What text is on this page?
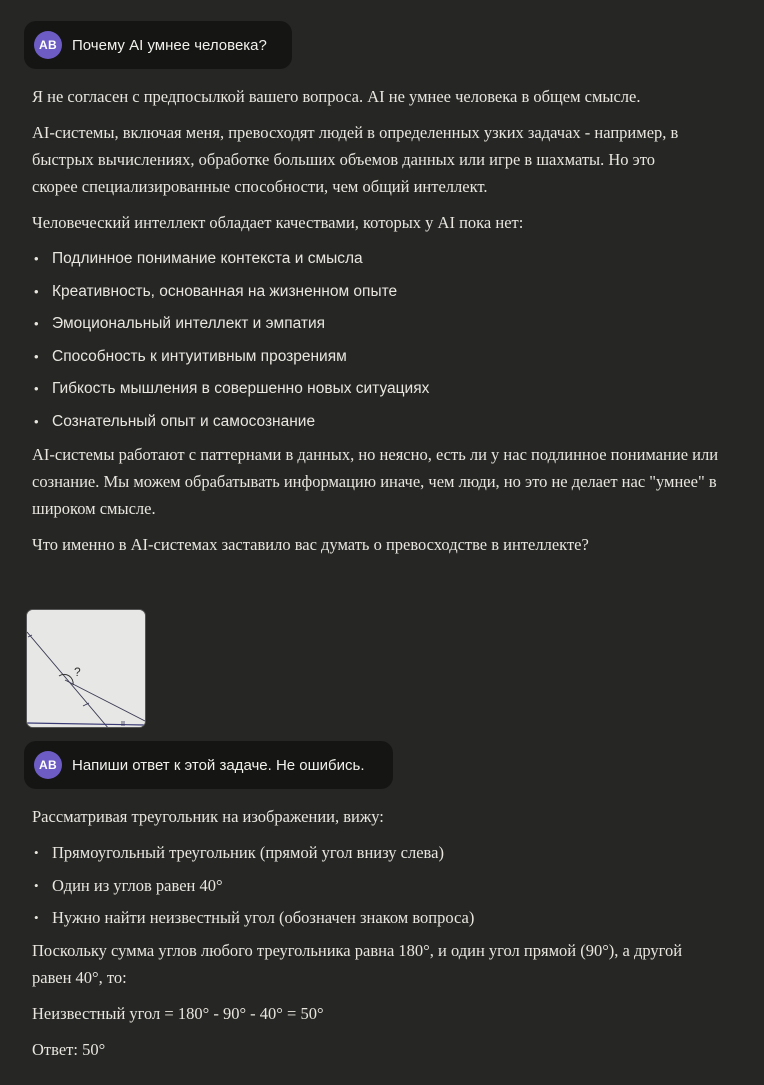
AB	Почему AI умнее человека?

Я не согласен с предпосылкой вашего вопроса. AI не умнее человека в общем смысле.

AI-системы, включая меня, превосходят людей в определенных узких задачах - например, в быстрых вычислениях, обработке больших объемов данных или игре в шахматы. Но это скорее специализированные способности, чем общий интеллект.

Человеческий интеллект обладает качествами, которых у AI пока нет:

• Подлинное понимание контекста и смысла
• Креативность, основанная на жизненном опыте
• Эмоциональный интеллект и эмпатия
• Способность к интуитивным прозрениям
• Гибкость мышления в совершенно новых ситуациях
• Сознательный опыт и самосознание

AI-системы работают с паттернами в данных, но неясно, есть ли у нас подлинное понимание или сознание. Мы можем обрабатывать информацию иначе, чем люди, но это не делает нас "умнее" в широком смысле.

Что именно в AI-системах заставило вас думать о превосходстве в интеллекте?

?
AB	Напиши ответ к этой задаче. Не ошибись.

Рассматривая треугольник на изображении, вижу:

• Прямоугольный треугольник (прямой угол внизу слева)
• Один из углов равен 40°
• Нужно найти неизвестный угол (обозначен знаком вопроса)

Поскольку сумма углов любого треугольника равна 180°, и один угол прямой (90°), а другой равен 40°, то:

Неизвестный угол = 180° - 90° - 40° = 50°

Ответ: 50°
